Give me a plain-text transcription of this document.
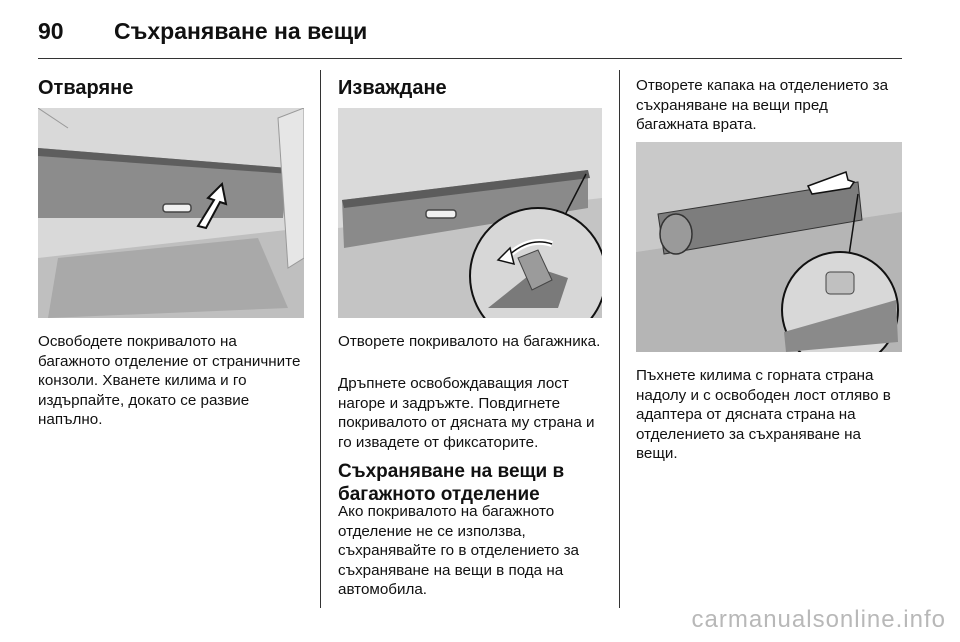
90 Съхраняване на вещи
Отваряне

Освободете покривалото на багажното отделение от страничните конзоли. Хванете килима и го издърпайте, докато се развие напълно.

Изваждане

Отворете покривалото на багажника.

Дръпнете освобождаващия лост нагоре и задръжте. Повдигнете покривалото от дясната му страна и го извадете от фиксаторите.

Съхраняване на вещи в багажното отделение

Ако покривалото на багажното отделение не се използва, съхранявайте го в отделението за съхраняване на вещи в пода на автомобила.

Отворете капака на отделението за съхраняване на вещи пред багажната врата.

Пъхнете килима с горната страна надолу и с освободен лост отляво в адаптера от дясната страна на отделението за съхраняване на вещи.

carmanualsonline.info
